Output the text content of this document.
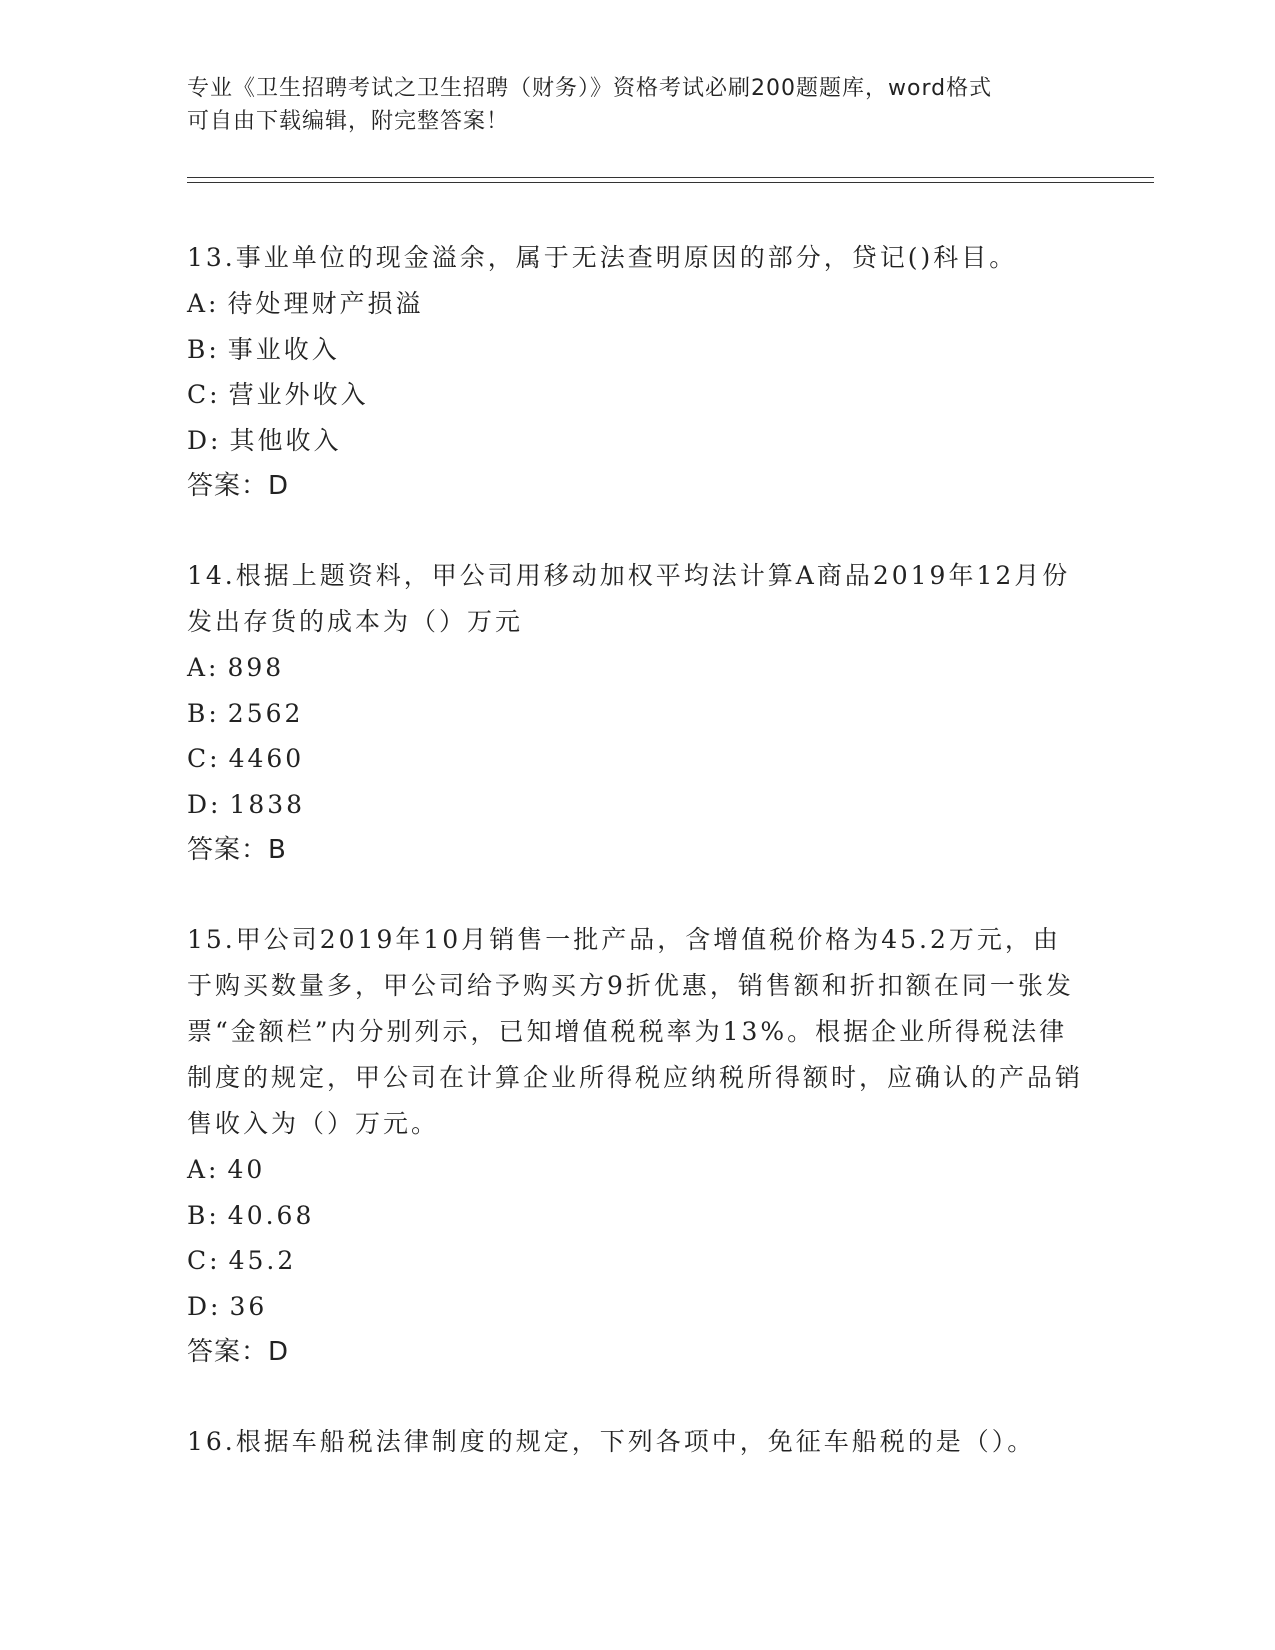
专业《卫生招聘考试之卫生招聘（财务）》资格考试必刷200题题库，word格式
可自由下载编辑，附完整答案！
13.事业单位的现金溢余，属于无法查明原因的部分，贷记()科目。
A: 待处理财产损溢
B: 事业收入
C: 营业外收入
D: 其他收入
答案：D
14.根据上题资料，甲公司用移动加权平均法计算A商品2019年12月份发出存货的成本为（）万元
A: 898
B: 2562
C: 4460
D: 1838
答案：B
15.甲公司2019年10月销售一批产品，含增值税价格为45.2万元，由于购买数量多，甲公司给予购买方9折优惠，销售额和折扣额在同一张发票“金额栏”内分别列示，已知增值税税率为13%。根据企业所得税法律制度的规定，甲公司在计算企业所得税应纳税所得额时，应确认的产品销售收入为（）万元。
A: 40
B: 40.68
C: 45.2
D: 36
答案：D
16.根据车船税法律制度的规定，下列各项中，免征车船税的是（）。
